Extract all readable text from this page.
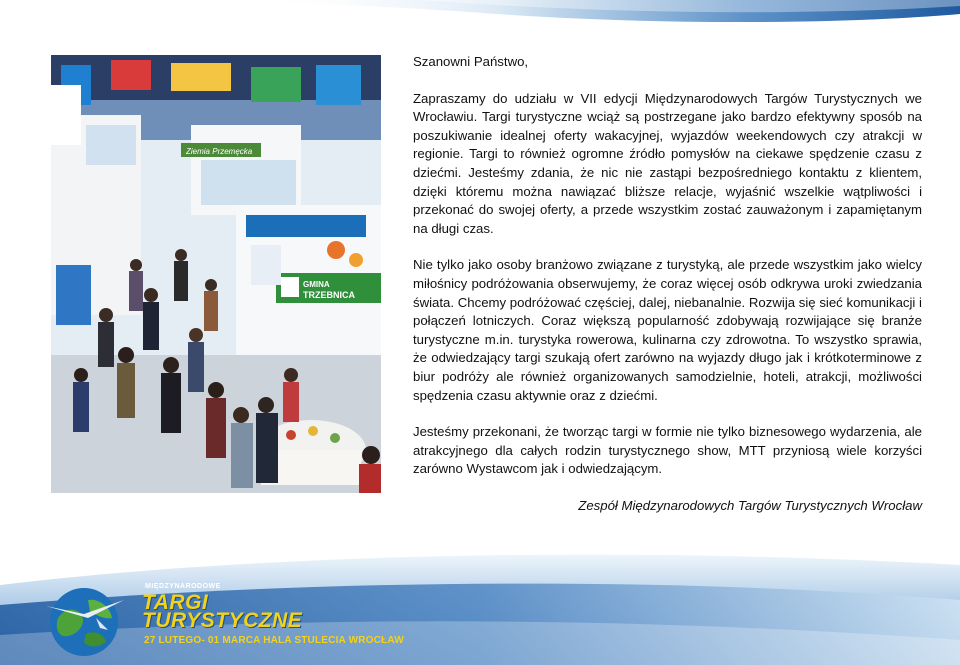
Ziemia Przemęcka
GMINA
TRZEBNICA

Szanowni Państwo,

Zapraszamy do udziału w VII edycji Międzynarodowych Targów Turystycznych we Wrocławiu. Targi turystyczne wciąż są postrzegane jako bardzo efektywny sposób na poszukiwanie idealnej oferty wakacyjnej, wyjazdów weekendowych czy atrakcji w regionie. Targi to również ogromne źródło pomysłów na ciekawe spędzenie czasu z dziećmi. Jesteśmy zdania, że nic nie zastąpi bezpośredniego kontaktu z klientem, dzięki któremu można nawiązać bliższe relacje, wyjaśnić wszelkie wątpliwości i przekonać do swojej oferty, a przede wszystkim zostać zauważonym i zapamiętanym na długi czas.

Nie tylko jako osoby branżowo związane z turystyką, ale przede wszystkim jako wielcy miłośnicy podróżowania obserwujemy, że coraz więcej osób odkrywa uroki zwiedzania świata. Chcemy podróżować częściej, dalej, niebanalnie. Rozwija się sieć komunikacji i połączeń lotniczych. Coraz większą popularność zdobywają rozwijające się branże turystyczne m.in. turystyka rowerowa, kulinarna czy zdrowotna. To wszystko sprawia, że odwiedzający targi szukają ofert zarówno na wyjazdy długo jak i krótkoterminowe z biur podróży ale również organizowanych samodzielnie, hoteli, atrakcji, możliwości spędzenia czasu aktywnie oraz z dziećmi.

Jesteśmy przekonani, że tworząc targi w formie nie tylko biznesowego wydarzenia, ale atrakcyjnego dla całych rodzin turystycznego show, MTT przyniosą wiele korzyści zarówno Wystawcom jak i odwiedzającym.

Zespół Międzynarodowych Targów Turystycznych Wrocław

MIĘDZYNARODOWE
TARGI
TURYSTYCZNE
27 LUTEGO- 01 MARCA HALA STULECIA WROCŁAW
